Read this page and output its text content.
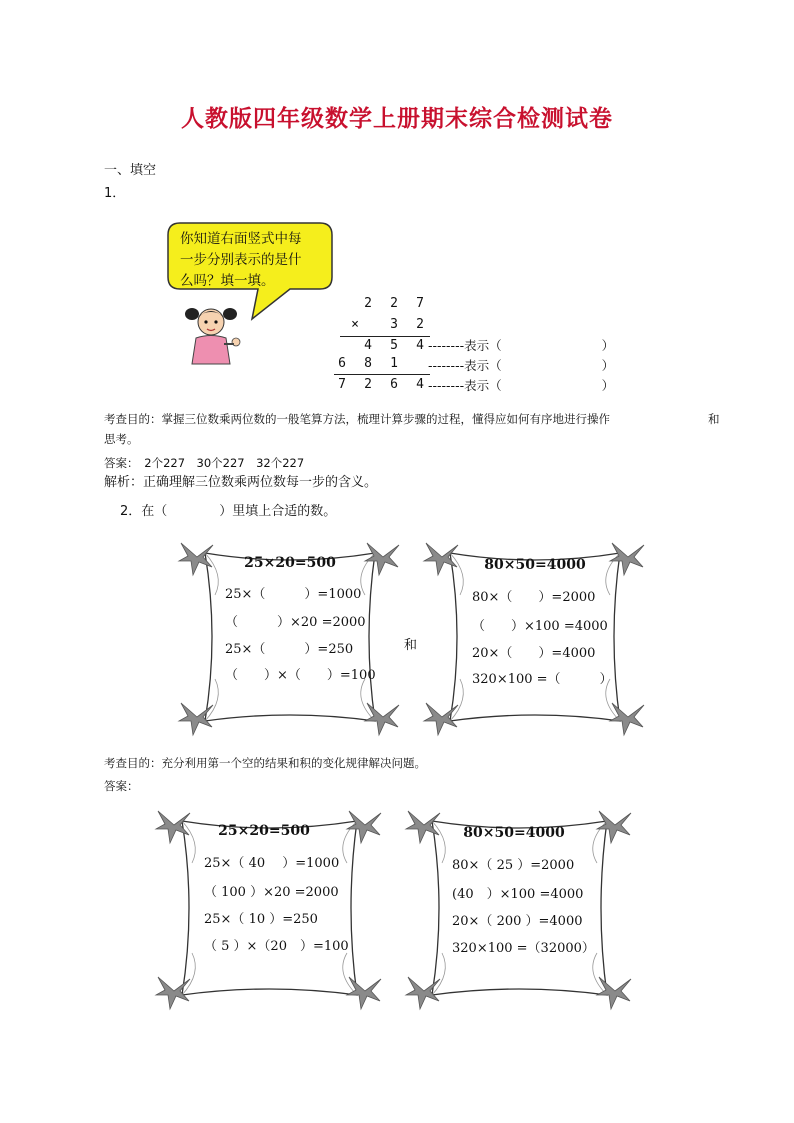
人教版四年级数学上册期末综合检测试卷
一、填空
1．
你知道右面竖式中每
一步分别表示的是什
么吗？填一填。
2	2	7
×	3	2
4	5	4 --------表示（　　　　　　　　）
6	8	1	--------表示（　　　　　　　　）
7	2	6	4 --------表示（　　　　　　　　）
考查目的：掌握三位数乘两位数的一般笔算方法，梳理计算步骤的过程，懂得应如何有序地进行操作	和
思考。
答案：　2个227　30个227　32个227
解析：正确理解三位数乘两位数每一步的含义。
2．在（　　　　）里填上合适的数。
25×20=500
25×（　　　）=1000
（　　　）×20 =2000
25×（　　　）=250
（　　）×（　　）=100
和
80×50=4000
80×（　　）=2000
（　　）×100 =4000
20×（　　）=4000
320×100 =（　　　）
考查目的：充分利用第一个空的结果和积的变化规律解决问题。
答案：
25×20=500
25×（ 40 　）=1000
（ 100 ）×20 =2000
25×（ 10 ）=250
（ 5 ）×（20　）=100
80×50=4000
80×（ 25 ）=2000
(40　）×100 =4000
20×（ 200 ）=4000
320×100 =（32000）
